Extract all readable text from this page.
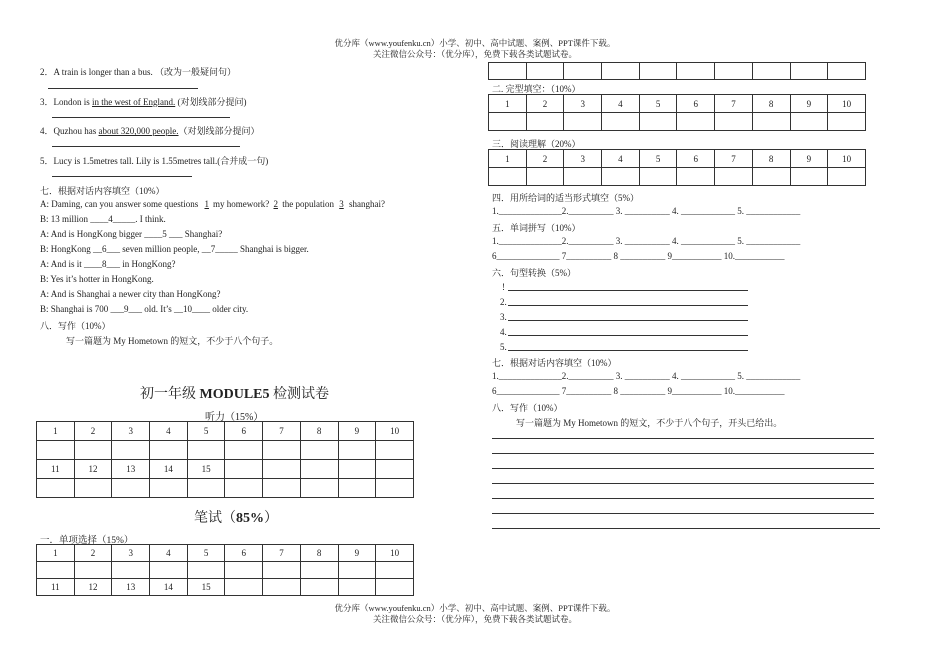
优分库（www.youfenku.cn）小学、初中、高中试题、案例、PPT课件下载。
关注微信公众号：（优分库），免费下载各类试题试卷。
2．A train is longer than a bus. （改为一般疑问句）
3．London is in the west of England. (对划线部分提问)
4．Quzhou has about 320,000 people.（对划线部分提问）
5．Lucy is 1.5metres tall. Lily is 1.55metres tall.(合并成一句)
七．根据对话内容填空（10%）
A: Daming, can you answer some questions 1 my homework? 2 the population 3 shanghai?
B: 13 million ____4_____. I think.
A: And is HongKong bigger ____5 ___ Shanghai?
B: HongKong __6___ seven million people, __7_____ Shanghai is bigger.
A: And is it ____8___ in HongKong?
B: Yes it’s hotter in HongKong.
A: And is Shanghai a newer city than HongKong?
B: Shanghai is 700 ___9___ old. It’s __10____ older city.
八．写作（10%）
写一篇题为 My Hometown 的短文，不少于八个句子。
初一年级 MODULE5 检测试卷
听力（15%）
1	2	3	4	5	6	7	8	9	10

11	12	13	14	15					

笔试（85%）
一．单项选择（15%）
1	2	3	4	5	6	7	8	9	10

11	12	13	14	15					

二. 完型填空：（10%）
1	2	3	4	5	6	7	8	9	10

三．阅读理解（20%）
1	2	3	4	5	6	7	8	9	10

四．用所给词的适当形式填空（5%）
1.______________2.__________ 3. __________ 4. ____________ 5. ____________
五．单词拼写（10%）
1.______________2.__________ 3. __________ 4. ____________ 5. ____________
6______________ 7__________ 8 __________ 9___________ 10.___________
六．句型转换（5%）
!
2.
3.
4.
5.
七．根据对话内容填空（10%）
1.______________2.__________ 3. __________ 4. ____________ 5. ____________
6______________ 7__________ 8 __________ 9___________ 10.___________
八．写作（10%）
写一篇题为 My Hometown 的短文，不少于八个句子，开头已给出。
优分库（www.youfenku.cn）小学、初中、高中试题、案例、PPT课件下载。
关注微信公众号：（优分库），免费下载各类试题试卷。
